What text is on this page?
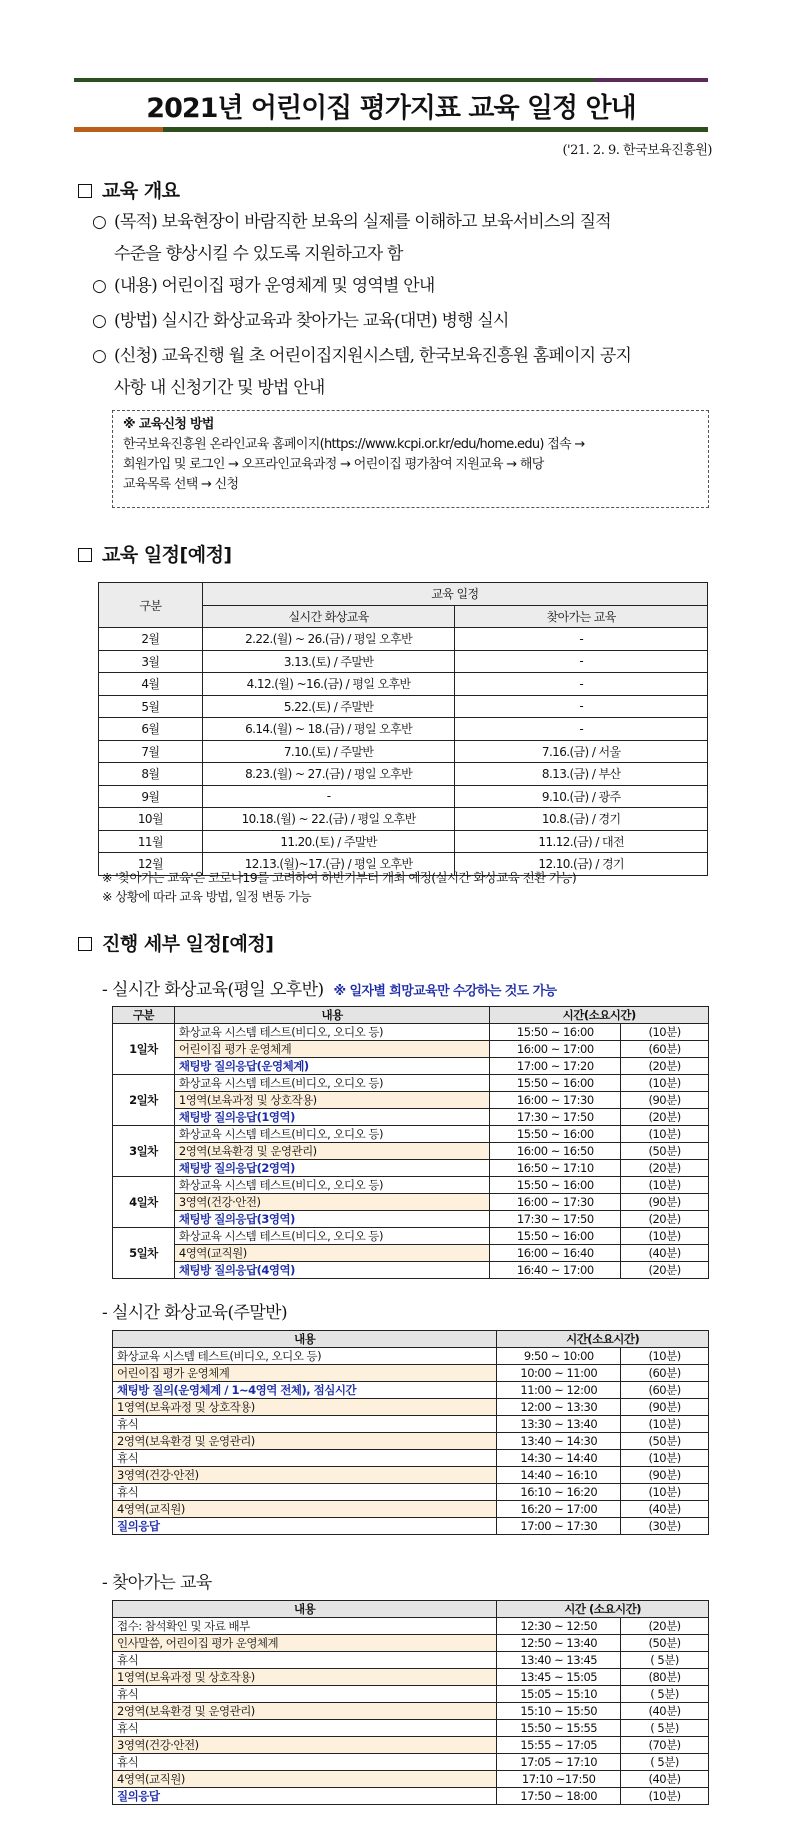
2021년 어린이집 평가지표 교육 일정 안내
('21. 2. 9. 한국보육진흥원)
교육 개요
○ (목적) 보육현장이 바람직한 보육의 실제를 이해하고 보육서비스의 질적
수준을 향상시킬 수 있도록 지원하고자 함
○ (내용) 어린이집 평가 운영체계 및 영역별 안내
○ (방법) 실시간 화상교육과 찾아가는 교육(대면) 병행 실시
○ (신청) 교육진행 월 초 어린이집지원시스템, 한국보육진흥원 홈페이지 공지
사항 내 신청기간 및 방법 안내
※ 교육신청 방법
한국보육진흥원 온라인교육 홈페이지(https://www.kcpi.or.kr/edu/home.edu) 접속 →
회원가입 및 로그인 → 오프라인교육과정 → 어린이집 평가참여 지원교육 → 해당
교육목록 선택 → 신청
교육 일정[예정]
구분	교육 일정	
	실시간 화상교육	찾아가는 교육
2월	2.22.(월) ~ 26.(금) / 평일 오후반	-
3월	3.13.(토) / 주말반	-
4월	4.12.(월) ~16.(금) / 평일 오후반	-
5월	5.22.(토) / 주말반	-
6월	6.14.(월) ~ 18.(금) / 평일 오후반	-
7월	7.10.(토) / 주말반	7.16.(금) / 서울
8월	8.23.(월) ~ 27.(금) / 평일 오후반	8.13.(금) / 부산
9월	-	9.10.(금) / 광주
10월	10.18.(월) ~ 22.(금) / 평일 오후반	10.8.(금) / 경기
11월	11.20.(토) / 주말반	11.12.(금) / 대전
12월	12.13.(월)~17.(금) / 평일 오후반	12.10.(금) / 경기
※ '찾아가는 교육'은 코로나19를 고려하여 하반기부터 개최 예정(실시간 화상교육 전환 가능)
※ 상황에 따라 교육 방법, 일정 변동 가능
진행 세부 일정[예정]
- 실시간 화상교육(평일 오후반) ※ 일자별 희망교육만 수강하는 것도 가능
구분	내용	시간(소요시간)	
1일차	화상교육 시스템 테스트(비디오, 오디오 등)	15:50 ~ 16:00	(10분)
	어린이집 평가 운영체계	16:00 ~ 17:00	(60분)
	채팅방 질의응답(운영체계)	17:00 ~ 17:20	(20분)
2일차	화상교육 시스템 테스트(비디오, 오디오 등)	15:50 ~ 16:00	(10분)
	1영역(보육과정 및 상호작용)	16:00 ~ 17:30	(90분)
	채팅방 질의응답(1영역)	17:30 ~ 17:50	(20분)
3일차	화상교육 시스템 테스트(비디오, 오디오 등)	15:50 ~ 16:00	(10분)
	2영역(보육환경 및 운영관리)	16:00 ~ 16:50	(50분)
	채팅방 질의응답(2영역)	16:50 ~ 17:10	(20분)
4일차	화상교육 시스템 테스트(비디오, 오디오 등)	15:50 ~ 16:00	(10분)
	3영역(건강·안전)	16:00 ~ 17:30	(90분)
	채팅방 질의응답(3영역)	17:30 ~ 17:50	(20분)
5일차	화상교육 시스템 테스트(비디오, 오디오 등)	15:50 ~ 16:00	(10분)
	4영역(교직원)	16:00 ~ 16:40	(40분)
	채팅방 질의응답(4영역)	16:40 ~ 17:00	(20분)
- 실시간 화상교육(주말반)
내용	시간(소요시간)	
화상교육 시스템 테스트(비디오, 오디오 등)	9:50 ~ 10:00	(10분)
어린이집 평가 운영체계	10:00 ~ 11:00	(60분)
채팅방 질의(운영체계 / 1~4영역 전체), 점심시간	11:00 ~ 12:00	(60분)
1영역(보육과정 및 상호작용)	12:00 ~ 13:30	(90분)
휴식	13:30 ~ 13:40	(10분)
2영역(보육환경 및 운영관리)	13:40 ~ 14:30	(50분)
휴식	14:30 ~ 14:40	(10분)
3영역(건강·안전)	14:40 ~ 16:10	(90분)
휴식	16:10 ~ 16:20	(10분)
4영역(교직원)	16:20 ~ 17:00	(40분)
질의응답	17:00 ~ 17:30	(30분)
- 찾아가는 교육
내용	시간 (소요시간)	
접수: 참석확인 및 자료 배부	12:30 ~ 12:50	(20분)
인사말씀, 어린이집 평가 운영체계	12:50 ~ 13:40	(50분)
휴식	13:40 ~ 13:45	( 5분)
1영역(보육과정 및 상호작용)	13:45 ~ 15:05	(80분)
휴식	15:05 ~ 15:10	( 5분)
2영역(보육환경 및 운영관리)	15:10 ~ 15:50	(40분)
휴식	15:50 ~ 15:55	( 5분)
3영역(건강·안전)	15:55 ~ 17:05	(70분)
휴식	17:05 ~ 17:10	( 5분)
4영역(교직원)	17:10 ~17:50	(40분)
질의응답	17:50 ~ 18:00	(10분)
